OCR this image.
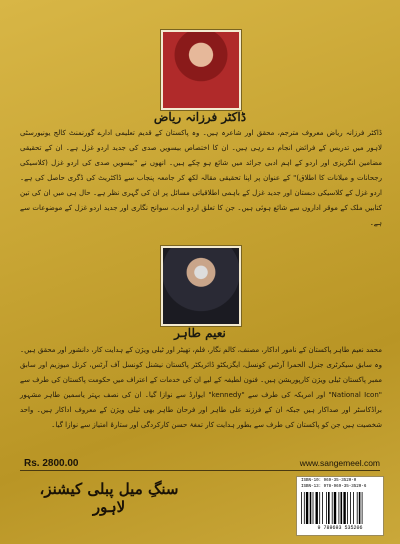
ڈاکٹر فرزانہ ریاض

ڈاکٹر فرزانہ ریاض معروف مترجم، محقق اور شاعرہ ہیں۔ وہ پاکستان کے قدیم تعلیمی ادارے گورنمنٹ کالج یونیورسٹی لاہور میں تدریس کے فرائض انجام دے رہی ہیں۔ ان کا اختصاص بیسویں صدی کی جدید اردو غزل ہے۔ ان کے تحقیقی مضامین انگریزی اور اردو کے اہم ادبی جرائد میں شائع ہو چکے ہیں۔ انھوں نے "بیسویں صدی کی اردو غزل (کلاسیکی رجحانات و میلانات کا اطلاق)" کے عنوان پر اپنا تحقیقی مقالہ لکھ کر جامعہ پنجاب سے ڈاکٹریٹ کی ڈگری حاصل کی ہے۔ اردو غزل کے کلاسیکی دبستان اور جدید غزل کے باہمی اطلاقیاتی مسائل پر ان کی گہری نظر ہے۔ حال ہی میں ان کی تین کتابیں ملک کے موقر اداروں سے شائع ہوئی ہیں۔ جن کا تعلق اردو ادب، سوانح نگاری اور جدید اردو غزل کے موضوعات سے ہے۔

نعیم طاہر

محمد نعیم طاہر پاکستان کے نامور اداکار، مصنف، کالم نگار، فلم، تھیٹر اور ٹیلی ویژن کے ہدایت کار، دانشور اور محقق ہیں۔ وہ سابق سیکرٹری جنرل الحمرا آرٹس کونسل، ایگزیکٹو ڈائریکٹر پاکستان نیشنل کونسل آف آرٹس، کرنل میوزیم اور سابق ممبر پاکستان ٹیلی ویژن کارپوریشن ہیں۔ فنون لطیفہ کے لیے ان کی خدمات کے اعتراف میں حکومت پاکستان کی طرف سے "National Icon" اور امریکہ کی طرف سے "kennedy" ایوارڈ سے نوازا گیا۔ ان کی نصف بہتر یاسمین طاہر مشہور براڈکاسٹر اور صداکار ہیں جبکہ ان کے فرزند علی طاہر اور فرحان طاہر بھی ٹیلی ویژن کے معروف اداکار ہیں۔ واحد شخصیت ہیں جن کو پاکستان کی طرف سے بطور ہدایت کار تمغۂ حسن کارکردگی اور ستارۂ امتیاز سے نوازا گیا۔

Rs. 2800.00	www.sangemeel.com
سنگِ میل پبلی کیشنز، لاہور
ISBN-10: 969-35-3520-0
ISBN-13: 978-969-35-3520-6
9 789693 535206
